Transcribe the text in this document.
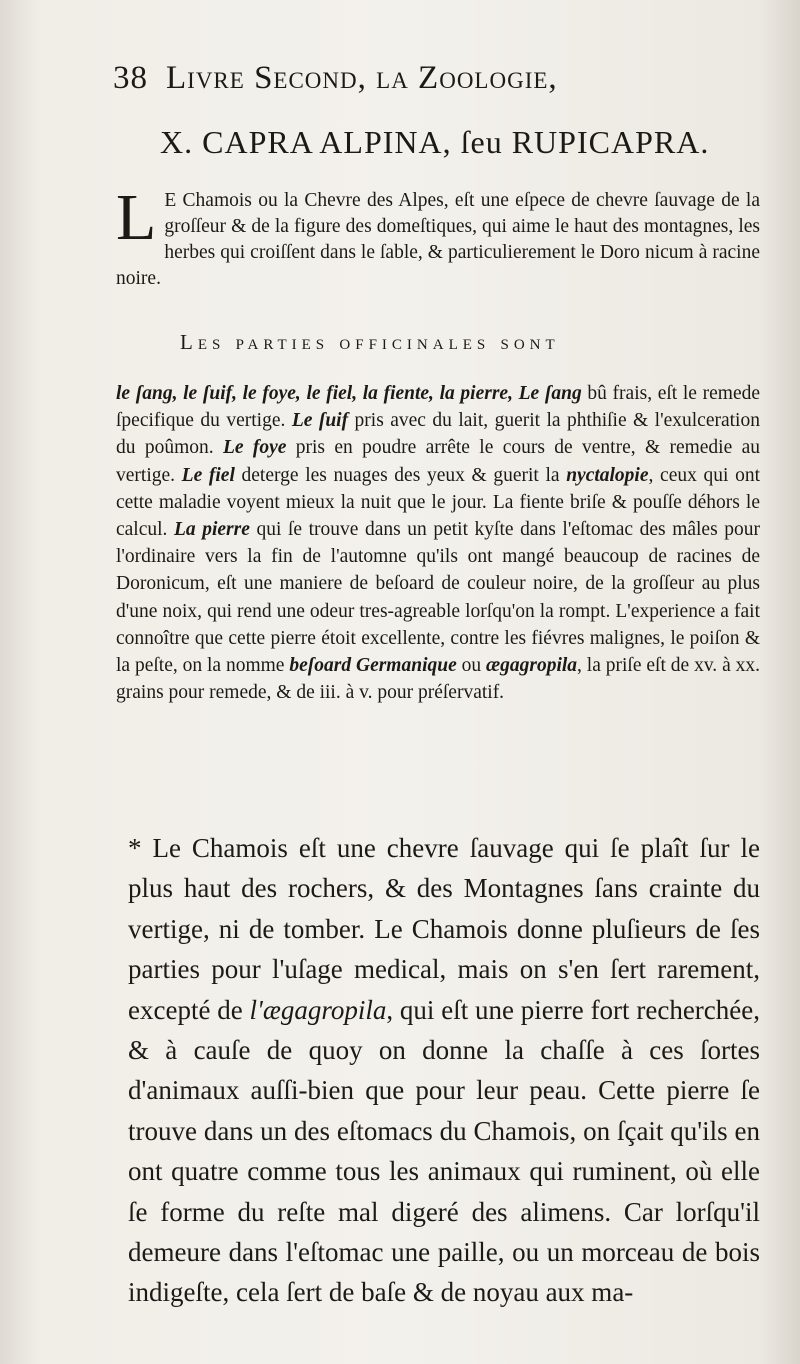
38 Livre Second, la Zoologie,
X. CAPRA ALPINA, ſeu RUPICAPRA.
L E Chamois ou la Chevre des Alpes, eſt une eſpece de chevre ſauvage de la groſſeur & de la figure des domeſtiques, qui aime le haut des montagnes, les herbes qui croiſſent dans le ſable, & particulierement le Doro nicum à racine noire.
Les parties officinales sont
le ſang, le ſuif, le foye, le fiel, la fiente, la pierre, Le ſang bû frais, eſt le remede ſpecifique du vertige. Le ſuif pris avec du lait, guerit la phthiſie & l'exulceration du poûmon. Le foye pris en poudre arrête le cours de ventre, & remedie au vertige. Le fiel deterge les nuages des yeux & guerit la nyctalopie, ceux qui ont cette maladie voyent mieux la nuit que le jour. La fiente briſe & pouſſe déhors le calcul. La pierre qui ſe trouve dans un petit kyſte dans l'eſtomac des mâles pour l'ordinaire vers la fin de l'automne qu'ils ont mangé beaucoup de racines de Doronicum, eſt une maniere de beſoard de couleur noire, de la groſſeur au plus d'une noix, qui rend une odeur tres-agreable lorſqu'on la rompt. L'experience a fait connoître que cette pierre étoit excellente, contre les fiévres malignes, le poiſon & la peſte, on la nomme beſoard Germanique ou ægagropila, la priſe eſt de xv. à xx. grains pour remede, & de iii. à v. pour préſervatif.
* Le Chamois eſt une chevre ſauvage qui ſe plaît ſur le plus haut des rochers, & des Montagnes ſans crainte du vertige, ni de tomber. Le Chamois donne pluſieurs de ſes parties pour l'uſage medical, mais on s'en ſert rarement, excepté de l'ægagropila, qui eſt une pierre fort recherchée, & à cauſe de quoy on donne la chaſſe à ces ſortes d'animaux auſſi-bien que pour leur peau. Cette pierre ſe trouve dans un des eſtomacs du Chamois, on ſçait qu'ils en ont quatre comme tous les animaux qui ruminent, où elle ſe forme du reſte mal digeré des alimens. Car lorſqu'il demeure dans l'eſtomac une paille, ou un morceau de bois indigeſte, cela ſert de baſe & de noyau aux ma-
